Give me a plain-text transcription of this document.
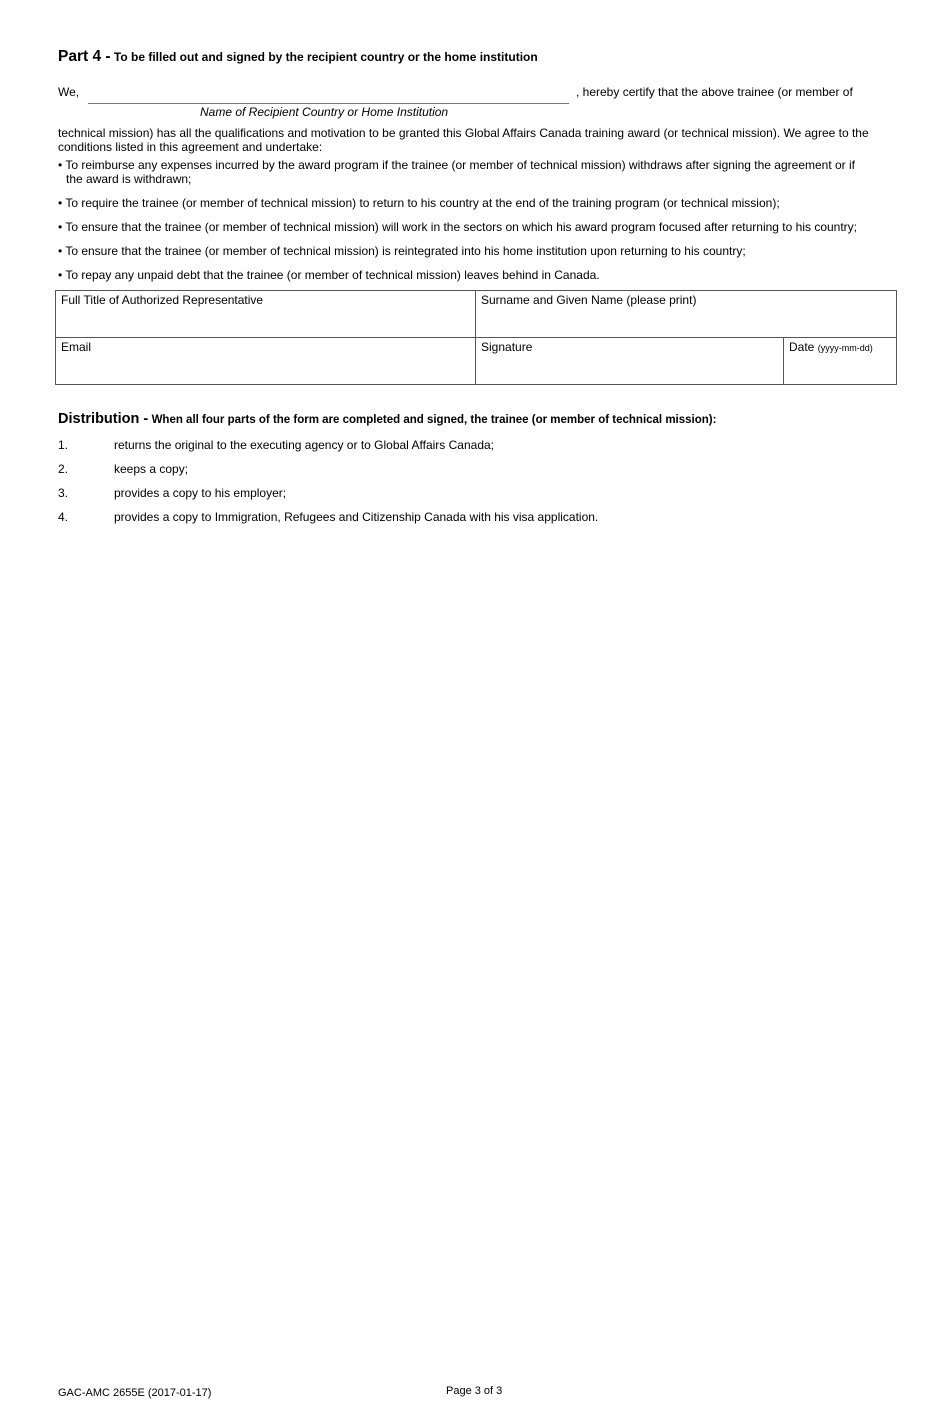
Part 4 - To be filled out and signed by the recipient country or the home institution
We,
Name of Recipient Country or Home Institution
, hereby certify that the above trainee (or member of
technical mission) has all the qualifications and motivation to be granted this Global Affairs Canada training award (or technical mission). We agree to the conditions listed in this agreement and undertake:
• To reimburse any expenses incurred by the award program if the trainee (or member of technical mission) withdraws after signing the agreement or if
the award is withdrawn;
• To require the trainee (or member of technical mission) to return to his country at the end of the training program (or technical mission);
• To ensure that the trainee (or member of technical mission) will work in the sectors on which his award program focused after returning to his country;
• To ensure that the trainee (or member of technical mission) is reintegrated into his home institution upon returning to his country;
• To repay any unpaid debt that the trainee (or member of technical mission) leaves behind in Canada.
Full Title of Authorized Representative	Surname and Given Name (please print)	

Email	Signature	Date (yyyy-mm-dd)
Distribution - When all four parts of the form are completed and signed, the trainee (or member of technical mission):
1.	returns the original to the executing agency or to Global Affairs Canada;
2.	keeps a copy;
3.	provides a copy to his employer;
4.	provides a copy to Immigration, Refugees and Citizenship Canada with his visa application.
GAC-AMC 2655E (2017-01-17)	Page 3 of 3
